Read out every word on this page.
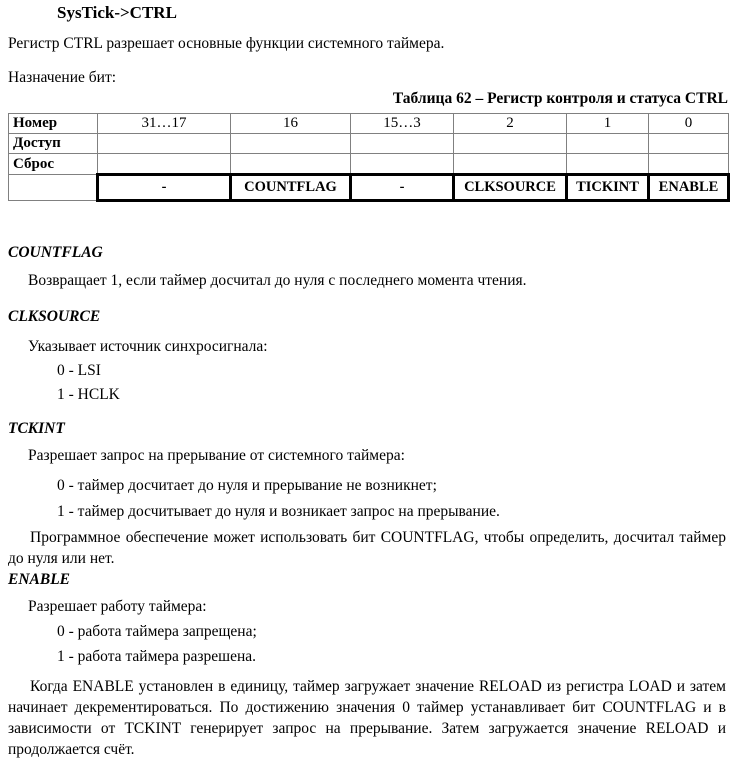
SysTick->CTRL
Регистр CTRL разрешает основные функции системного таймера.
Назначение бит:
Таблица 62 – Регистр контроля и статуса CTRL
Номер	31…17	16	15…3	2	1	0
Доступ						
Сброс						
	-	COUNTFLAG	-	CLKSOURCE	TICKINT	ENABLE
COUNTFLAG
Возвращает 1, если таймер досчитал до нуля с последнего момента чтения.
CLKSOURCE
Указывает источник синхросигнала:
0 - LSI
1 - HCLK
TCKINT
Разрешает запрос на прерывание от системного таймера:
0 - таймер досчитает до нуля и прерывание не возникнет;
1 - таймер досчитывает до нуля и возникает запрос на прерывание.
Программное обеспечение может использовать бит COUNTFLAG, чтобы определить, досчитал таймер до нуля или нет.
ENABLE
Разрешает работу таймера:
0 - работа таймера запрещена;
1 - работа таймера разрешена.
Когда ENABLE установлен в единицу, таймер загружает значение RELOAD из регистра LOAD и затем начинает декрементироваться. По достижению значения 0 таймер устанавливает бит COUNTFLAG и в зависимости от TCKINT генерирует запрос на прерывание. Затем загружается значение RELOAD и продолжается счёт.
